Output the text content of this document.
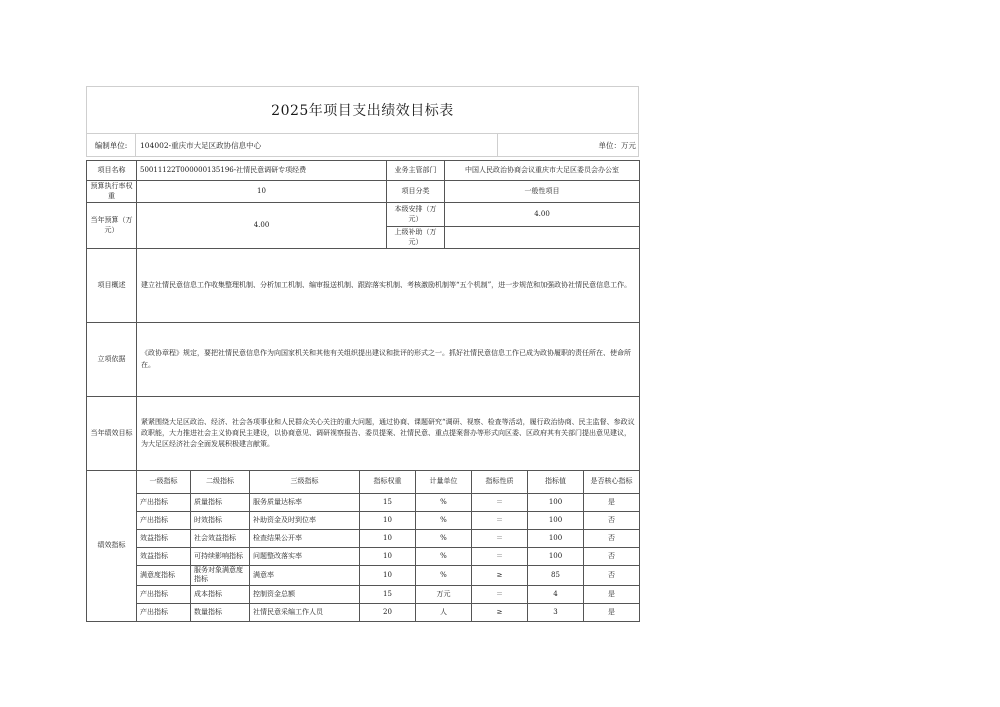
2025年项目支出绩效目标表
编制单位:	104002-重庆市大足区政协信息中心	单位：万元
项目名称	50011122T000000135196-社情民意调研专项经费	业务主管部门	中国人民政治协商会议重庆市大足区委员会办公室
预算执行率权重	10	项目分类	一般性项目
当年预算（万元）	4.00	本级安排（万元）	4.00
		上级补助（万元）	
项目概述	建立社情民意信息工作收集整理机制、分析加工机制、编审报送机制、跟踪落实机制、考核激励机制等“五个机制”，进一步规范和加强政协社情民意信息工作。		
立项依据	《政协章程》规定，要把社情民意信息作为向国家机关和其他有关组织提出建议和批评的形式之一。抓好社情民意信息工作已成为政协履职的责任所在、使命所在。		
当年绩效目标	紧紧围绕大足区政治、经济、社会各项事业和人民群众关心关注的重大问题，通过协商、课题研究“调研、视察、检查等活动，履行政治协商、民主监督、参政议政职能，大力推进社会主义协商民主建设，以协商意见、调研视察报告、委员提案、社情民意、重点提案督办等形式向区委、区政府其有关部门提出意见建议，为大足区经济社会全面发展积极建言献策。		
绩效指标	一级指标	二级指标	三级指标	指标权重	计量单位	指标性质	指标值	是否核心指标
	产出指标	质量指标	服务质量达标率	15	%	＝	100	是
	产出指标	时效指标	补助资金及时到位率	10	%	＝	100	否
	效益指标	社会效益指标	检查结果公开率	10	%	＝	100	否
	效益指标	可持续影响指标	问题整改落实率	10	%	＝	100	否
	满意度指标	服务对象满意度指标	满意率	10	%	≥	85	否
	产出指标	成本指标	控制资金总额	15	万元	＝	4	是
	产出指标	数量指标	社情民意采编工作人员	20	人	≥	3	是
